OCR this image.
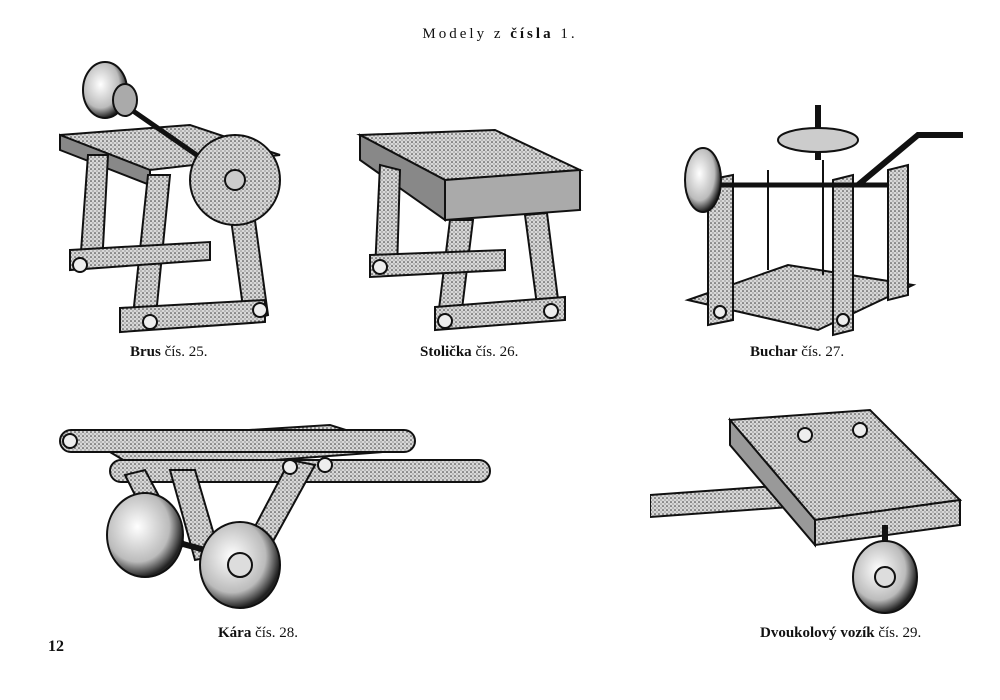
Modely z čísla 1.
Brus čís. 25.	Stolička čís. 26.	Buchar čís. 27.
Kára čís. 28.	Dvoukolový vozík čís. 29.
12
